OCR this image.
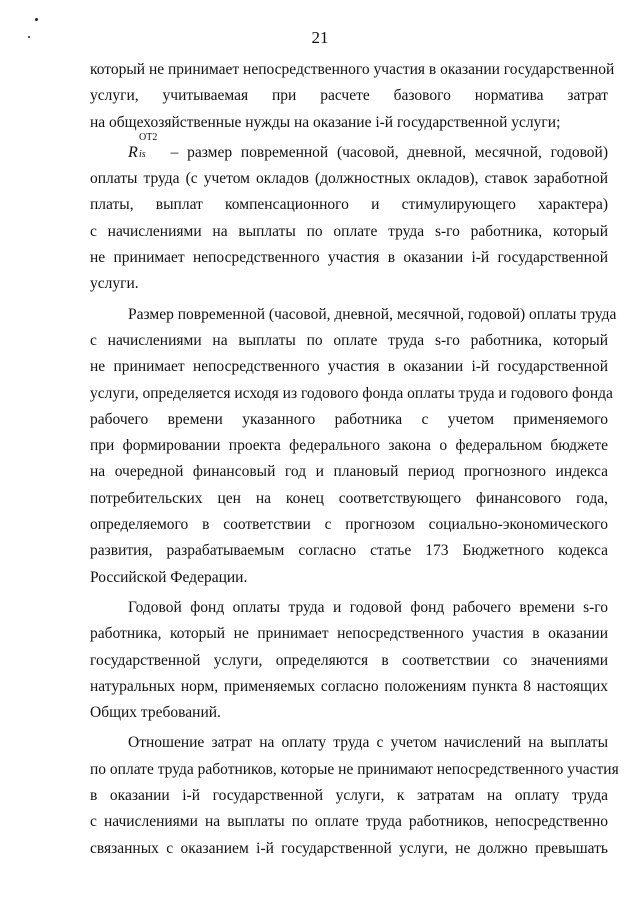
21
который не принимает непосредственного участия в оказании государственной
услуги, учитываемая при расчете базового норматива затрат
на общехозяйственные нужды на оказание i-й государственной услуги;
R
ОТ2
is – размер повременной (часовой, дневной, месячной, годовой)
оплаты труда (с учетом окладов (должностных окладов), ставок заработной
платы, выплат компенсационного и стимулирующего характера)
с начислениями на выплаты по оплате труда s-го работника, который
не принимает непосредственного участия в оказании i-й государственной
услуги.
Размер повременной (часовой, дневной, месячной, годовой) оплаты труда
с начислениями на выплаты по оплате труда s-го работника, который
не принимает непосредственного участия в оказании i-й государственной
услуги, определяется исходя из годового фонда оплаты труда и годового фонда
рабочего времени указанного работника с учетом применяемого
при формировании проекта федерального закона о федеральном бюджете
на очередной финансовый год и плановый период прогнозного индекса
потребительских цен на конец соответствующего финансового года,
определяемого в соответствии с прогнозом социально-экономического
развития, разрабатываемым согласно статье 173 Бюджетного кодекса
Российской Федерации.
Годовой фонд оплаты труда и годовой фонд рабочего времени s-го
работника, который не принимает непосредственного участия в оказании
государственной услуги, определяются в соответствии со значениями
натуральных норм, применяемых согласно положениям пункта 8 настоящих
Общих требований.
Отношение затрат на оплату труда с учетом начислений на выплаты
по оплате труда работников, которые не принимают непосредственного участия
в оказании i-й государственной услуги, к затратам на оплату труда
с начислениями на выплаты по оплате труда работников, непосредственно
связанных с оказанием i-й государственной услуги, не должно превышать
